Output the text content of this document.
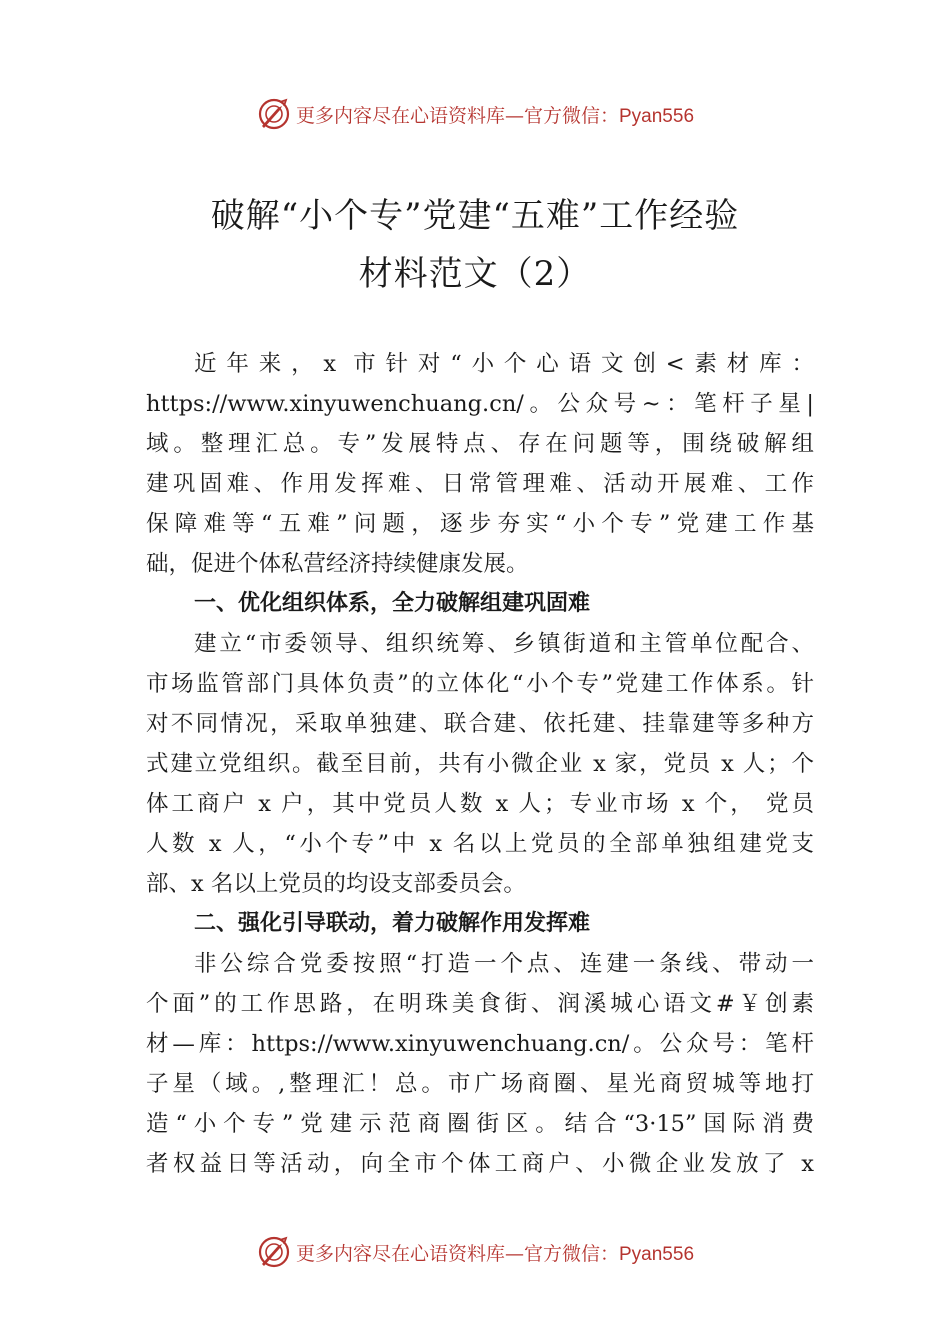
更多内容尽在心语资料库—官方微信：Pyan556
破解“小个专”党建“五难”工作经验
材料范文（2）
近年来，x 市针对“小个心语文创<素材库：
https://www.xinyuwenchuang.cn/。公众号~：笔杆子星|
域。整理汇总。专”发展特点、存在问题等，围绕破解组
建巩固难、作用发挥难、日常管理难、活动开展难、工作
保障难等“五难”问题，逐步夯实“小个专”党建工作基
础，促进个体私营经济持续健康发展。
一、优化组织体系，全力破解组建巩固难
建立“市委领导、组织统筹、乡镇街道和主管单位配合、
市场监管部门具体负责”的立体化“小个专”党建工作体系。针
对不同情况，采取单独建、联合建、依托建、挂靠建等多种方
式建立党组织。截至目前，共有小微企业 x 家，党员 x 人；个
体工商户 x 户，其中党员人数 x 人；专业市场 x 个， 党员
人数 x 人，“小个专”中 x 名以上党员的全部单独组建党支
部、x 名以上党员的均设支部委员会。
二、强化引导联动，着力破解作用发挥难
非公综合党委按照“打造一个点、连建一条线、带动一
个面”的工作思路，在明珠美食街、润溪城心语文#￥创素
材—库：https://www.xinyuwenchuang.cn/。公众号：笔杆
子星（域。,整理汇！总。市广场商圈、星光商贸城等地打
造“小个专”党建示范商圈街区。结合“3·15”国际消费
者权益日等活动，向全市个体工商户、小微企业发放了 x
更多内容尽在心语资料库—官方微信：Pyan556
